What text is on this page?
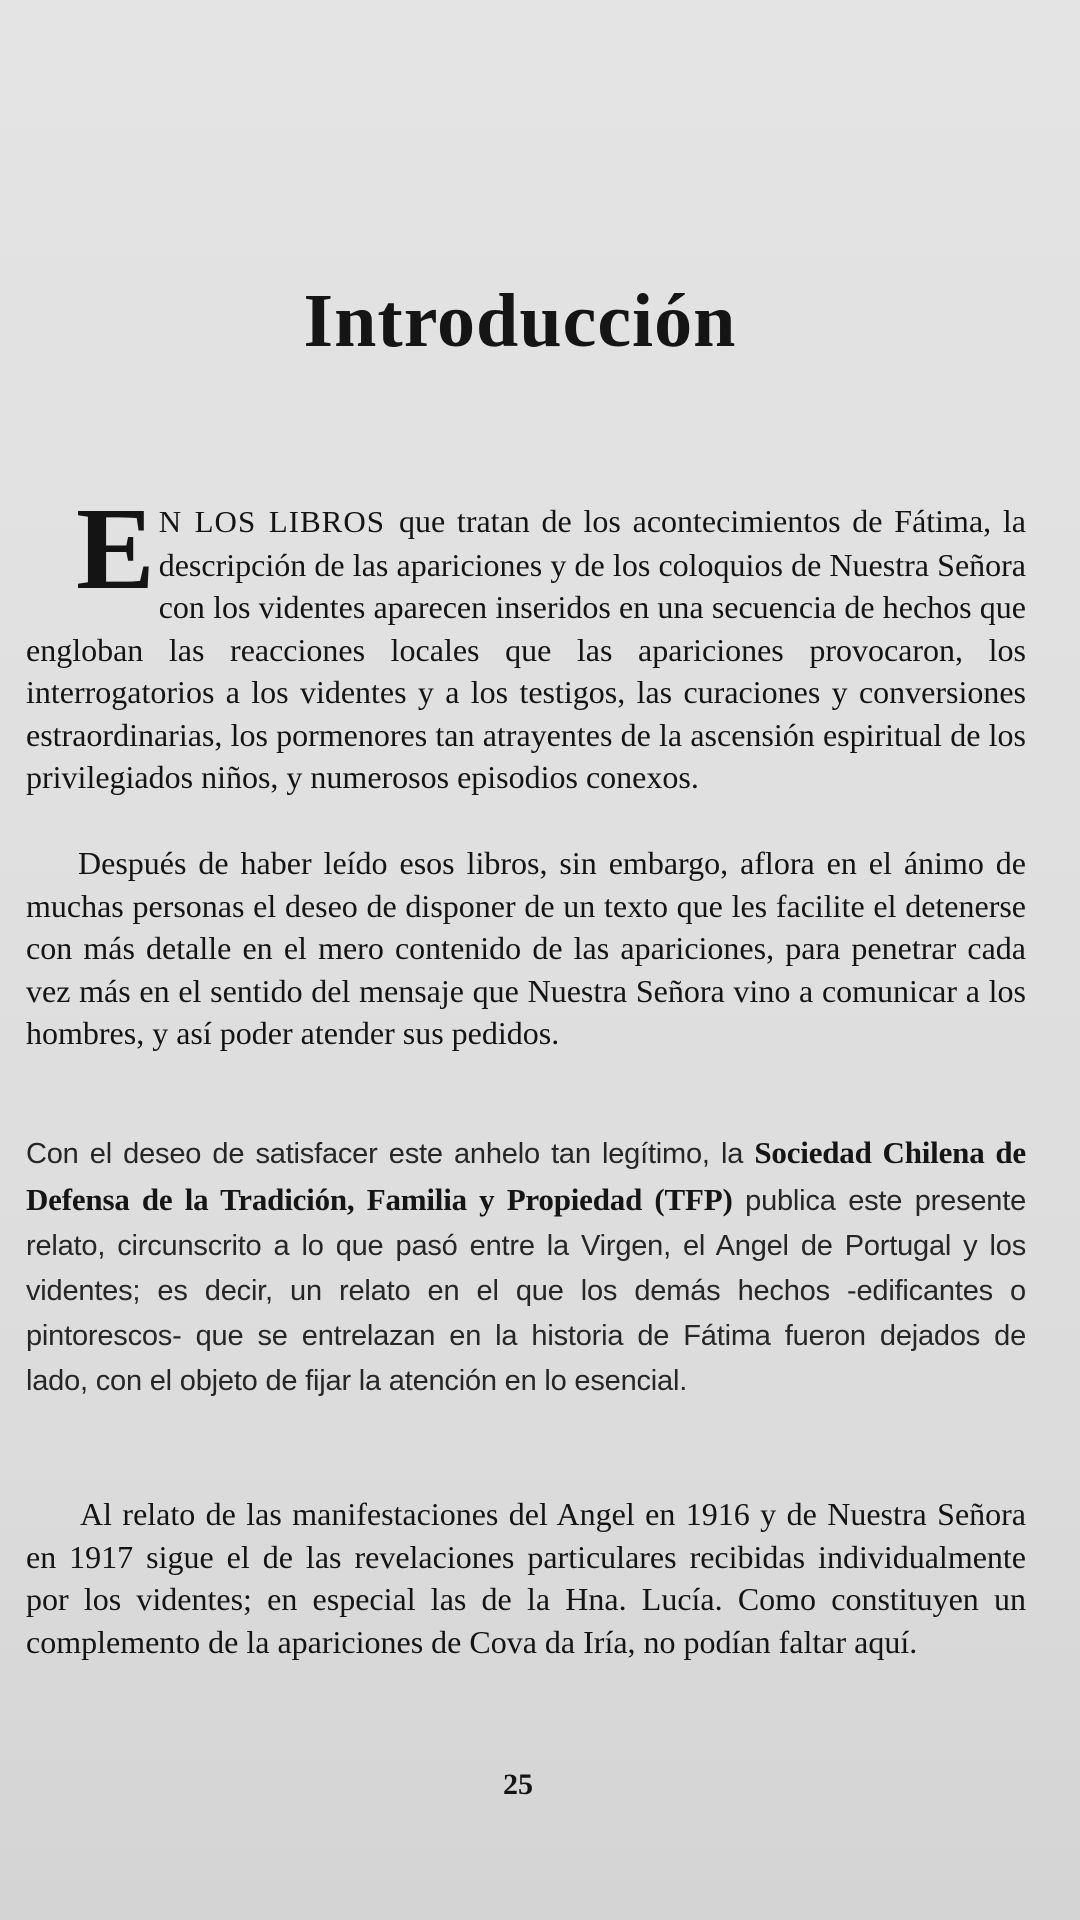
Introducción

E N LOS LIBROS que tratan de los acontecimientos de Fátima, la descripción de las apariciones y de los coloquios de Nuestra Señora con los videntes aparecen inseridos en una secuencia de hechos que engloban las reacciones locales que las apariciones provocaron, los interrogatorios a los videntes y a los testigos, las curaciones y conversiones estraordinarias, los pormenores tan atrayentes de la ascensión espiritual de los privilegiados niños, y numerosos episodios conexos.

Después de haber leído esos libros, sin embargo, aflora en el ánimo de muchas personas el deseo de disponer de un texto que les facilite el detenerse con más detalle en el mero contenido de las apariciones, para penetrar cada vez más en el sentido del mensaje que Nuestra Señora vino a comunicar a los hombres, y así poder atender sus pedidos.

Con el deseo de satisfacer este anhelo tan legítimo, la Sociedad Chilena de Defensa de la Tradición, Familia y Propiedad (TFP) publica este presente relato, circunscrito a lo que pasó entre la Virgen, el Angel de Portugal y los videntes; es decir, un relato en el que los demás hechos -edificantes o pintorescos- que se entrelazan en la historia de Fátima fueron dejados de lado, con el objeto de fijar la atención en lo esencial.

Al relato de las manifestaciones del Angel en 1916 y de Nuestra Señora en 1917 sigue el de las revelaciones particulares recibidas individualmente por los videntes; en especial las de la Hna. Lucía. Como constituyen un complemento de la apariciones de Cova da Iría, no podían faltar aquí.

25
